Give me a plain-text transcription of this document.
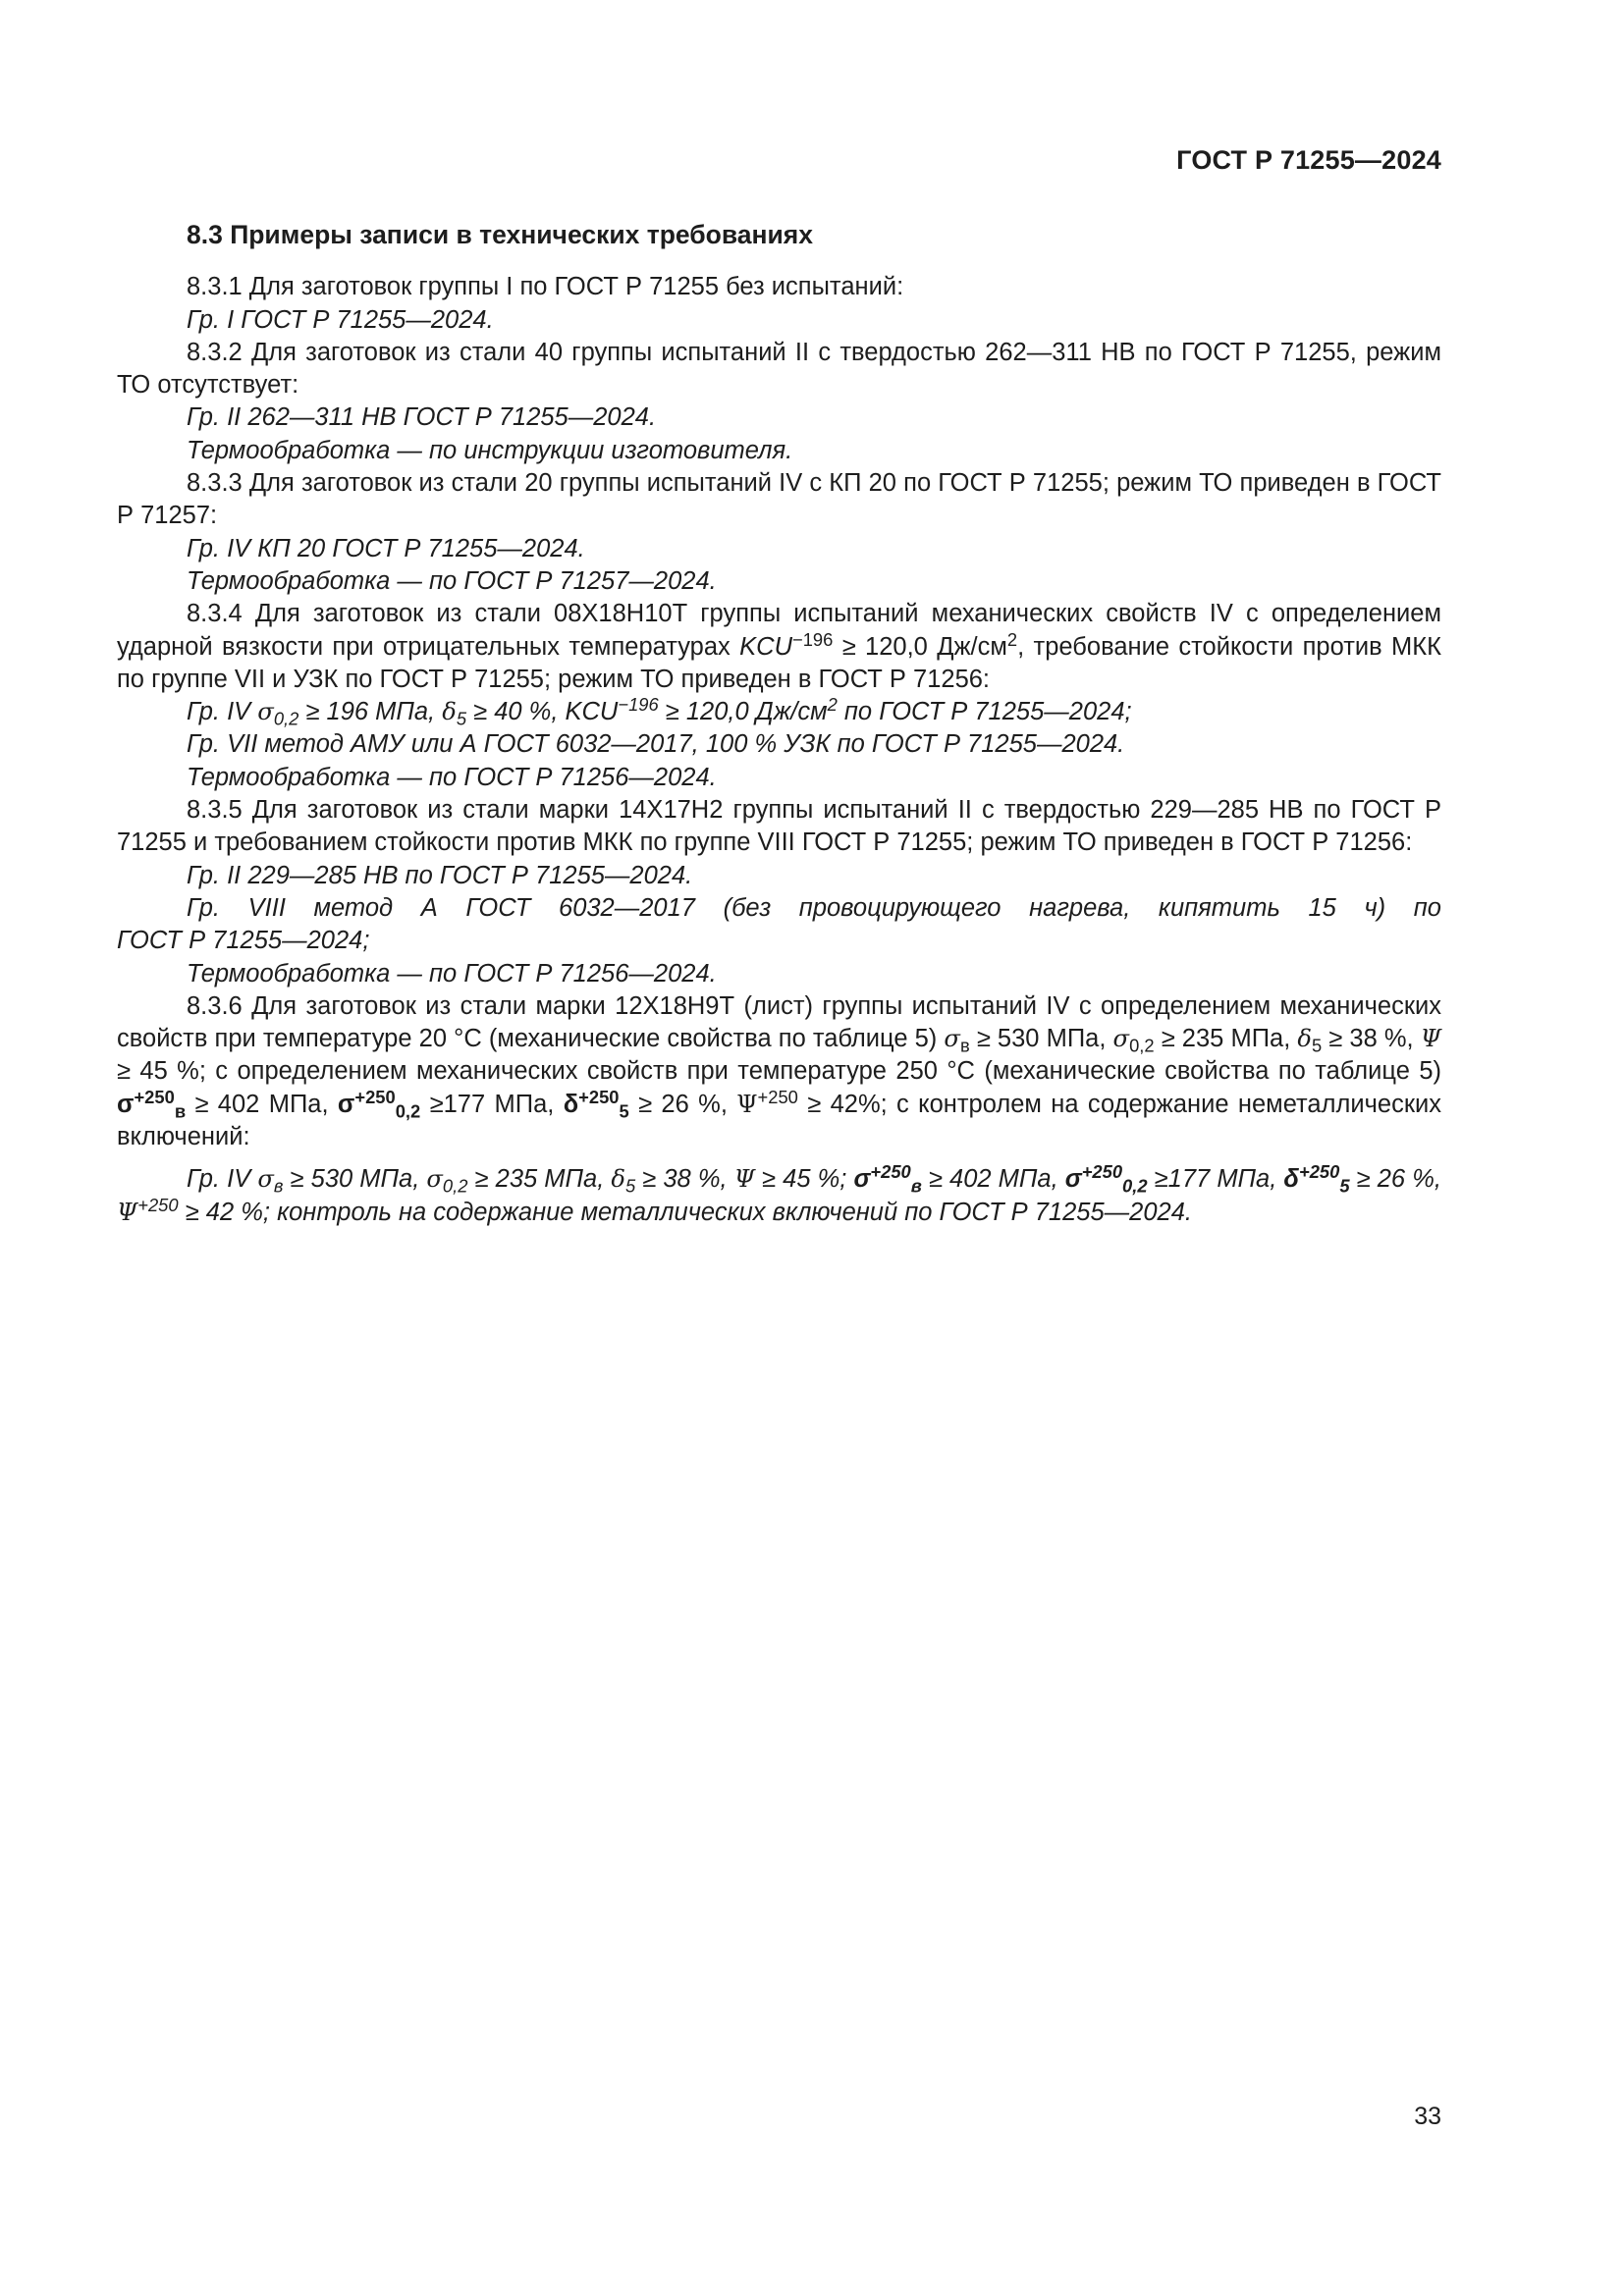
ГОСТ Р 71255—2024

8.3 Примеры записи в технических требованиях

8.3.1 Для заготовок группы I по ГОСТ Р 71255 без испытаний:

Гр. I ГОСТ Р 71255—2024.

8.3.2 Для заготовок из стали 40 группы испытаний II с твердостью 262—311 НВ по ГОСТ Р 71255, режим ТО отсутствует:

Гр. II 262—311 НВ ГОСТ Р 71255—2024.

Термообработка — по инструкции изготовителя.

8.3.3 Для заготовок из стали 20 группы испытаний IV с КП 20 по ГОСТ Р 71255; режим ТО приведен в ГОСТ Р 71257:

Гр. IV КП 20 ГОСТ Р 71255—2024.

Термообработка — по ГОСТ Р 71257—2024.

8.3.4 Для заготовок из стали 08Х18Н10Т группы испытаний механических свойств IV с определением ударной вязкости при отрицательных температурах $KCU^{-196} \ge 120,0$ $Дж/см^2$, требование стойкости против МКК по группе VII и УЗК по ГОСТ Р 71255; режим ТО приведен в ГОСТ Р 71256:

Гр. IV $\sigma_{0,2} \ge 196$ МПа, $\delta_5 \ge 40$ %, $KCU^{-196} \ge 120,0$ $Дж/см^2$ по ГОСТ Р 71255—2024;

Гр. VII метод АМУ или А ГОСТ 6032—2017, 100 % УЗК по ГОСТ Р 71255—2024.

Термообработка — по ГОСТ Р 71256—2024.

8.3.5 Для заготовок из стали марки 14Х17Н2 группы испытаний II с твердостью 229—285 НВ по ГОСТ Р 71255 и требованием стойкости против МКК по группе VIII ГОСТ Р 71255; режим ТО приведен в ГОСТ Р 71256:

Гр. II 229—285 НВ по ГОСТ Р 71255—2024.

Гр. VIII метод А ГОСТ 6032—2017 (без провоцирующего нагрева, кипятить 15 ч) по

ГОСТ Р 71255—2024;

Термообработка — по ГОСТ Р 71256—2024.

8.3.6 Для заготовок из стали марки 12Х18Н9Т (лист) группы испытаний IV с определением механических свойств при температуре 20 °С (механические свойства по таблице 5) $\sigma_в \ge 530$ МПа, $\sigma_{0,2} \ge 235$ МПа, $\delta_5 \ge 38$ %, Ψ ≥ 45 %; с определением механических свойств при температуре 250 °С (механические свойства по таблице 5) $\sigma^{+250}_в \ge 402$ МПа, $\sigma^{+250}_{0,2} \ge 177$ МПа, $\delta^{+250}_5 \ge 26$ %, $\Psi^{+250} \ge 42\%$; с контролем на содержание неметаллических включений:

Гр. IV $\sigma_в \ge 530$ МПа, $\sigma_{0,2} \ge 235$ МПа, $\delta_5 \ge 38$ %, Ψ ≥ 45 %; $\sigma^{+250}_в \ge 402$ МПа, $\sigma^{+250}_{0,2} \ge 177$ МПа, $\delta^{+250}_5 \ge 26$ %, $\Psi^{+250} \ge 42$ %; контроль на содержание металлических включений по ГОСТ Р 71255—2024.

33
